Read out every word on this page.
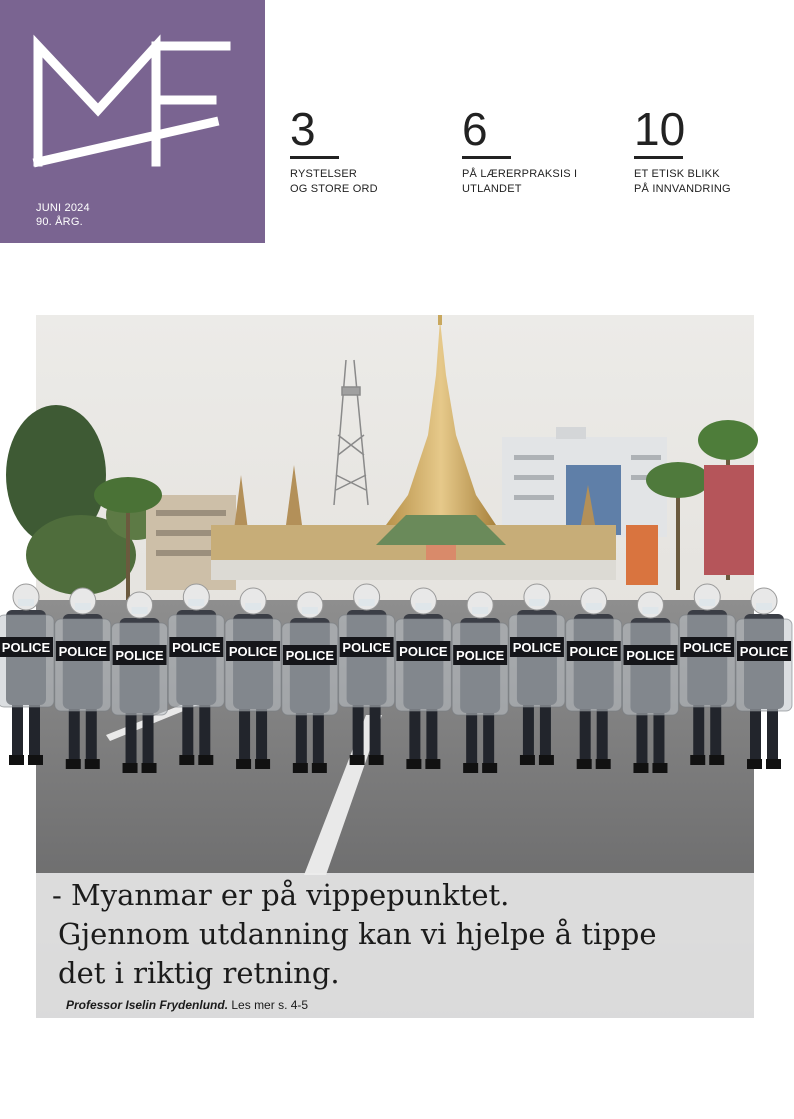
JUNI 2024
90. ÅRG.
3
RYSTELSER
OG STORE ORD
6
PÅ LÆRERPRAKSIS I
UTLANDET
10
ET ETISK BLIKK
PÅ INNVANDRING
POLICE POLICE POLICE
POLICE POLICE POLICE
POLICE POLICE POLICE
POLICE POLICE POLICE
POLICE POLICE
- Myanmar er på vippepunktet.
Gjennom utdanning kan vi hjelpe å tippe
det i riktig retning.
Professor Iselin Frydenlund. Les mer s. 4-5
